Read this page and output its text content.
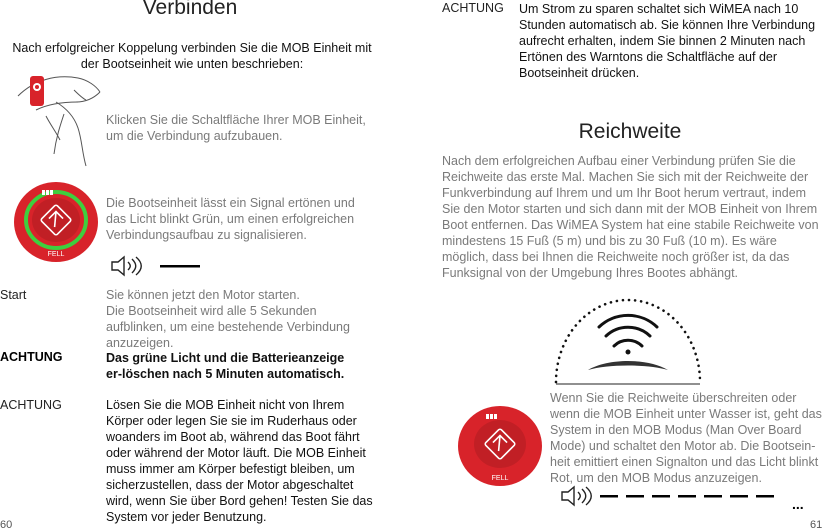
Verbinden
Nach erfolgreicher Koppelung verbinden Sie die MOB Einheit mit der Bootseinheit wie unten beschrieben:
Klicken Sie die Schaltfläche Ihrer MOB Einheit, um die Verbindung aufzubauen.
FELL
Die Bootseinheit lässt ein Signal ertönen und das Licht blinkt Grün, um einen erfolgreichen Verbindungsaufbau zu signalisieren.
Start	Sie können jetzt den Motor starten.
Die Bootseinheit wird alle 5 Sekunden aufblinken, um eine bestehende Verbindung anzuzeigen.
ACHTUNG	Das grüne Licht und die Batterieanzeige er-löschen nach 5 Minuten automatisch.
ACHTUNG	Lösen Sie die MOB Einheit nicht von Ihrem Körper oder legen Sie sie im Ruderhaus oder woanders im Boot ab, während das Boot fährt oder während der Motor läuft. Die MOB Einheit muss immer am Körper befestigt bleiben, um sicherzustellen, dass der Motor abgeschaltet wird, wenn Sie über Bord gehen! Testen Sie das System vor jeder Benutzung.
60
ACHTUNG Um Strom zu sparen schaltet sich WiMEA nach 10 Stunden automatisch ab. Sie können Ihre Verbindung aufrecht erhalten, indem Sie binnen 2 Minuten nach Ertönen des Warntons die Schaltfläche auf der Bootseinheit drücken.
Reichweite
Nach dem erfolgreichen Aufbau einer Verbindung prüfen Sie die Reichweite das erste Mal. Machen Sie sich mit der Reichweite der Funkverbindung auf Ihrem und um Ihr Boot herum vertraut, indem Sie den Motor starten und sich dann mit der MOB Einheit von Ihrem Boot entfernen. Das WiMEA System hat eine stabile Reichweite von mindestens 15 Fuß (5 m) und bis zu 30 Fuß (10 m). Es wäre möglich, dass bei Ihnen die Reichweite noch größer ist, da das Funksignal von der Umgebung Ihres Bootes abhängt.
FELL
Wenn Sie die Reichweite überschreiten oder wenn die MOB Einheit unter Wasser ist, geht das System in den MOB Modus (Man Over Board Mode) und schaltet den Motor ab. Die Bootsein-heit emittiert einen Signalton und das Licht blinkt Rot, um den MOB Modus anzuzeigen.
...
61
